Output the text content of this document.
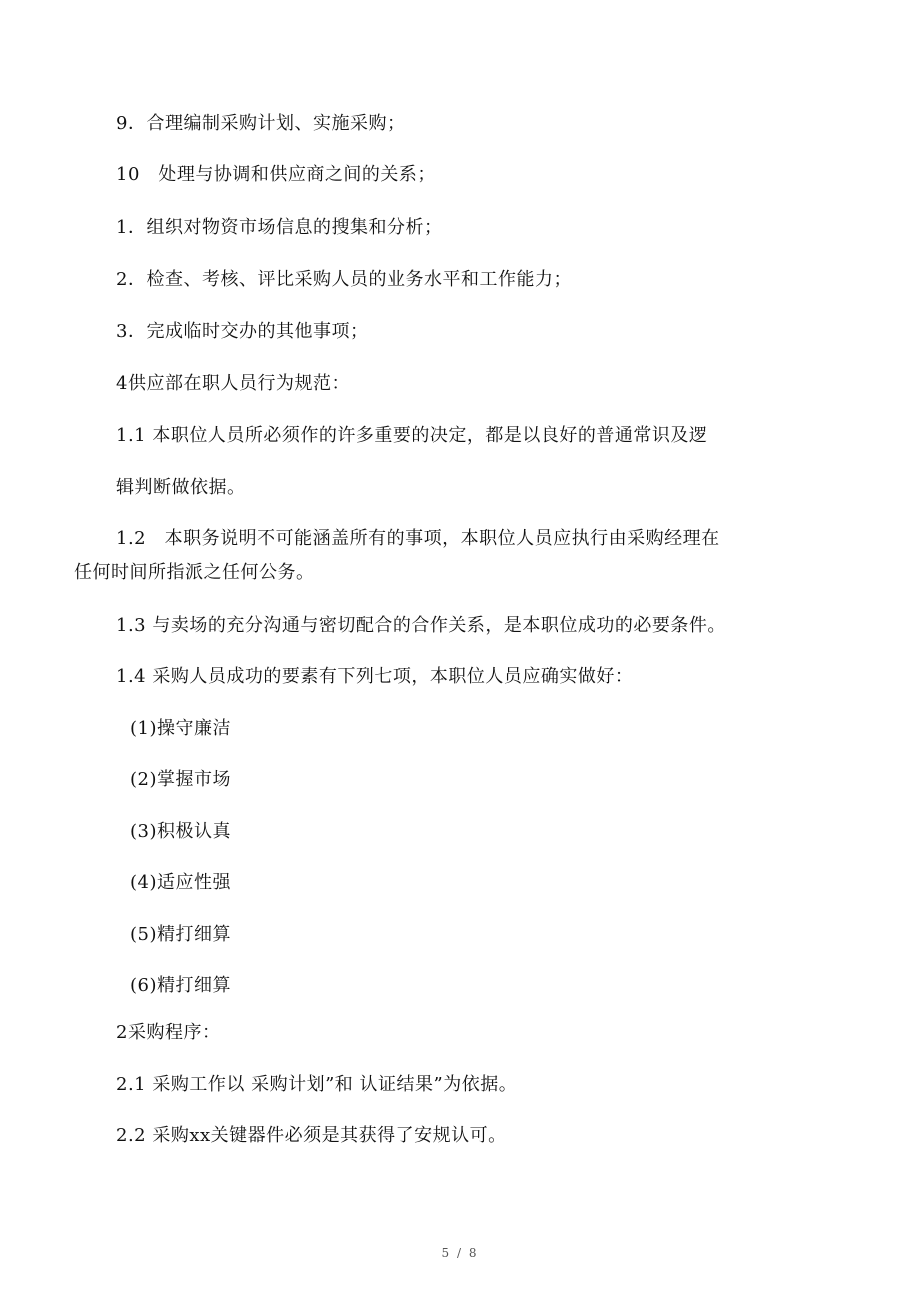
9．合理编制采购计划、实施采购；
10　处理与协调和供应商之间的关系；
1．组织对物资市场信息的搜集和分析；
2．检查、考核、评比采购人员的业务水平和工作能力；
3．完成临时交办的其他事项；
4供应部在职人员行为规范：
1.1 本职位人员所必须作的许多重要的决定，都是以良好的普通常识及逻
辑判断做依据。
1.2　本职务说明不可能涵盖所有的事项，本职位人员应执行由采购经理在
任何时间所指派之任何公务。
1.3 与卖场的充分沟通与密切配合的合作关系，是本职位成功的必要条件。
1.4 采购人员成功的要素有下列七项，本职位人员应确实做好：
(1)操守廉洁
(2)掌握市场
(3)积极认真
(4)适应性强
(5)精打细算
(6)精打细算
2采购程序：
2.1 采购工作以 采购计划”和 认证结果”为依据。
2.2 采购xx关键器件必须是其获得了安规认可。
5 / 8
